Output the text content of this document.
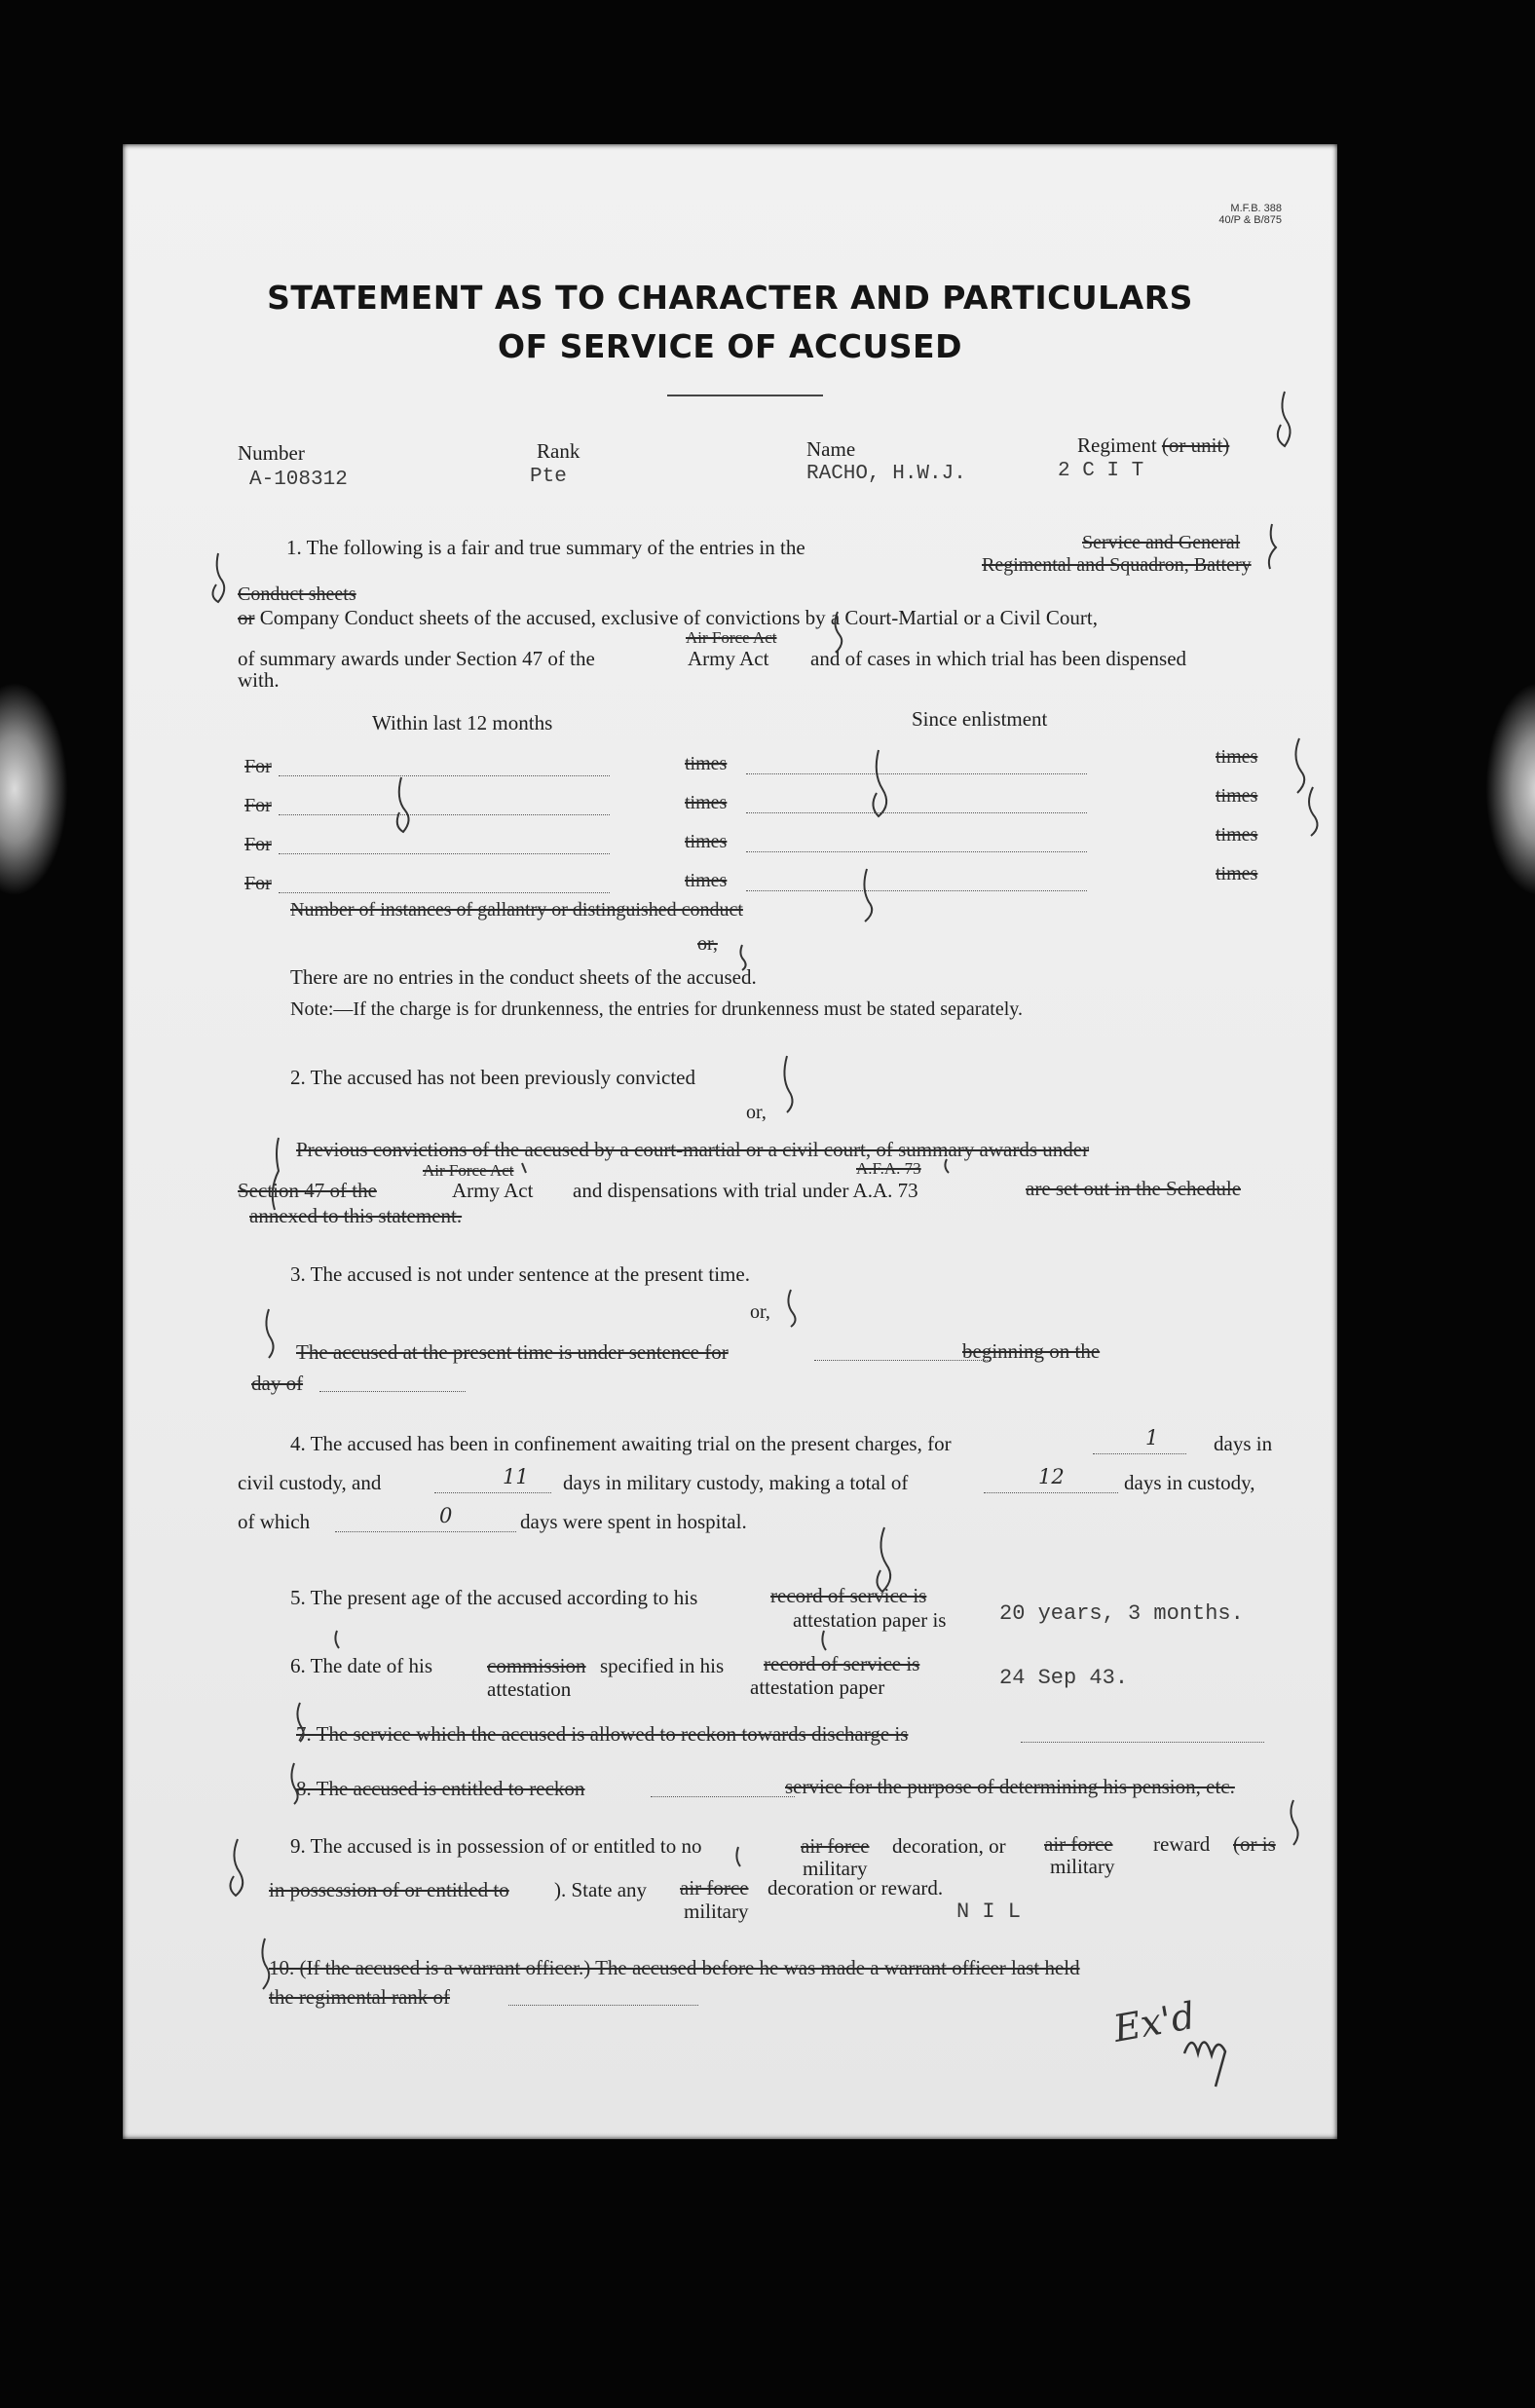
M.F.B. 388
40/P & B/875
STATEMENT AS TO CHARACTER AND PARTICULARS
OF SERVICE OF ACCUSED
Number
A-108312
Rank
Pte
Name
RACHO, H.W.J.
Regiment (or unit)
2 C I T
1. The following is a fair and true summary of the entries in the	Service and General
Regimental and Squadron, Battery
Conduct sheets
or Company Conduct sheets of the accused, exclusive of convictions by a Court-Martial or a Civil Court,
Air Force Act
of summary awards under Section 47 of the	Army Act and of cases in which trial has been dispensed
with.
Within last 12 months	Since enlistment
For	times	times
For	times	times
For	times	times
For	times	times
Number of instances of gallantry or distinguished conduct
or,
There are no entries in the conduct sheets of the accused.
Note:—If the charge is for drunkenness, the entries for drunkenness must be stated separately.
2. The accused has not been previously convicted
or,
Previous convictions of the accused by a court-martial or a civil court, of summary awards under
Air Force Act	A.F.A. 73
Section 47 of the	Army Act and dispensations with trial under A.A. 73	are set out in the Schedule
annexed to this statement.
3. The accused is not under sentence at the present time.
or,
The accused at the present time is under sentence for	beginning on the
day of
4. The accused has been in confinement awaiting trial on the present charges, for	1	days in
civil custody, and	11 days in military custody, making a total of	12	days in custody,
of which	0	days were spent in hospital.
5. The present age of the accused according to his	record of service is
attestation paper is 20 years, 3 months.
6. The date of his	commission specified in his record of service is
attestation	attestation paper	24 Sep 43.
7. The service which the accused is allowed to reckon towards discharge is
8. The accused is entitled to reckon	service for the purpose of determining his pension, etc.
9. The accused is in possession of or entitled to no	air force decoration, or air force reward (or is
military	military
in possession of or entitled to ). State any air force decoration or reward.
military	N I L
10. (If the accused is a warrant officer.) The accused before he was made a warrant officer last held
the regimental rank of	Ex'd
